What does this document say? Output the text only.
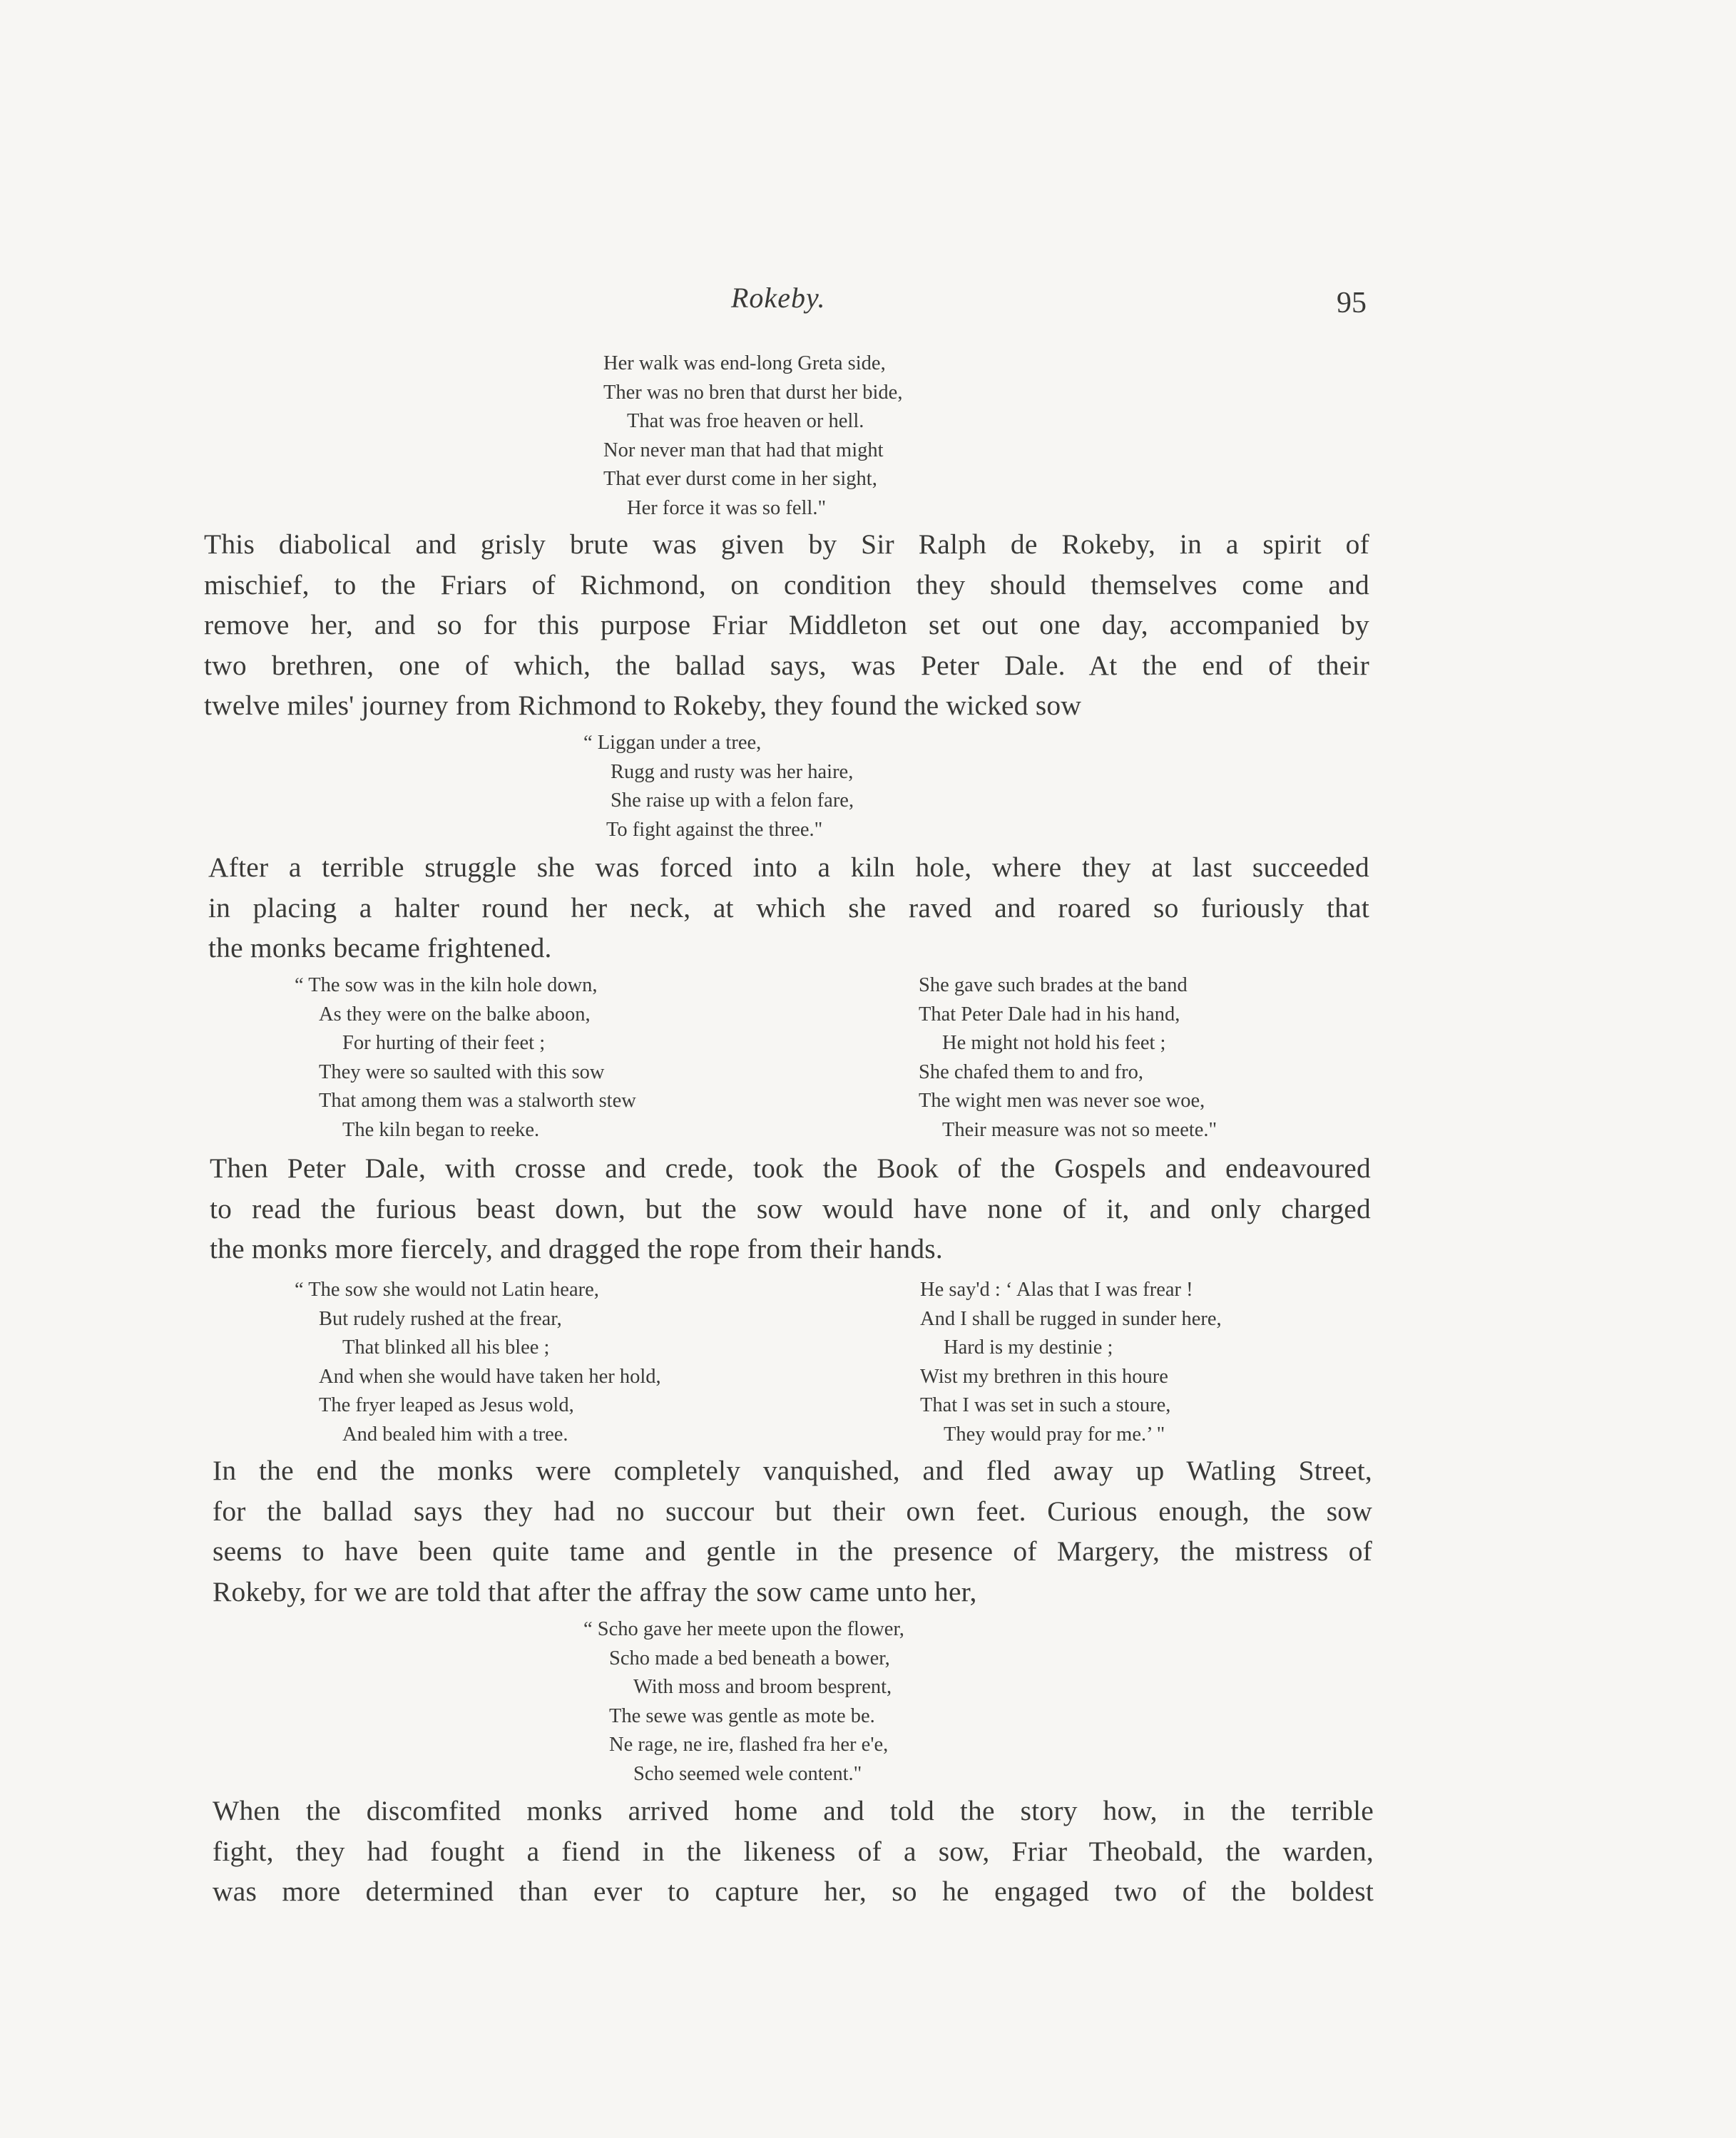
Rokeby.	95
Her walk was end-long Greta side,
Ther was no bren that durst her bide,
That was froe heaven or hell.
Nor never man that had that might
That ever durst come in her sight,
Her force it was so fell."
This diabolical and grisly brute was given by Sir Ralph de Rokeby, in a spirit of
mischief, to the Friars of Richmond, on condition they should themselves come and
remove her, and so for this purpose Friar Middleton set out one day, accompanied by
two brethren, one of which, the ballad says, was Peter Dale. At the end of their
twelve miles' journey from Richmond to Rokeby, they found the wicked sow
“ Liggan under a tree,
Rugg and rusty was her haire,
She raise up with a felon fare,
To fight against the three."
After a terrible struggle she was forced into a kiln hole, where they at last succeeded
in placing a halter round her neck, at which she raved and roared so furiously that
the monks became frightened.
“ The sow was in the kiln hole down,
As they were on the balke aboon,
For hurting of their feet ;
They were so saulted with this sow
That among them was a stalworth stew
The kiln began to reeke.
She gave such brades at the band
That Peter Dale had in his hand,
He might not hold his feet ;
She chafed them to and fro,
The wight men was never soe woe,
Their measure was not so meete."
Then Peter Dale, with crosse and crede, took the Book of the Gospels and endeavoured
to read the furious beast down, but the sow would have none of it, and only charged
the monks more fiercely, and dragged the rope from their hands.
“ The sow she would not Latin heare,
But rudely rushed at the frear,
That blinked all his blee ;
And when she would have taken her hold,
The fryer leaped as Jesus wold,
And bealed him with a tree.
He say'd : ‘ Alas that I was frear !
And I shall be rugged in sunder here,
Hard is my destinie ;
Wist my brethren in this houre
That I was set in such a stoure,
They would pray for me.’ "
In the end the monks were completely vanquished, and fled away up Watling Street,
for the ballad says they had no succour but their own feet. Curious enough, the sow
seems to have been quite tame and gentle in the presence of Margery, the mistress of
Rokeby, for we are told that after the affray the sow came unto her,
“ Scho gave her meete upon the flower,
Scho made a bed beneath a bower,
With moss and broom besprent,
The sewe was gentle as mote be.
Ne rage, ne ire, flashed fra her e'e,
Scho seemed wele content."
When the discomfited monks arrived home and told the story how, in the terrible
fight, they had fought a fiend in the likeness of a sow, Friar Theobald, the warden,
was more determined than ever to capture her, so he engaged two of the boldest
